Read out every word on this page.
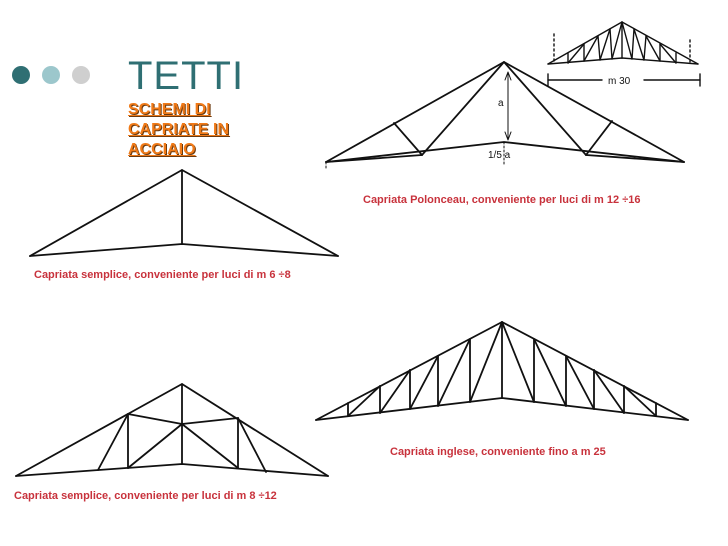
TETTI
SCHEMI DI
CAPRIATE IN
ACCIAIO
m 30
a
1/5 a
Capriata Polonceau, conveniente per luci di m 12 ÷16
Capriata semplice, conveniente per luci di m 6 ÷8
Capriata inglese, conveniente fino a m 25
Capriata semplice, conveniente per luci di m 8 ÷12
